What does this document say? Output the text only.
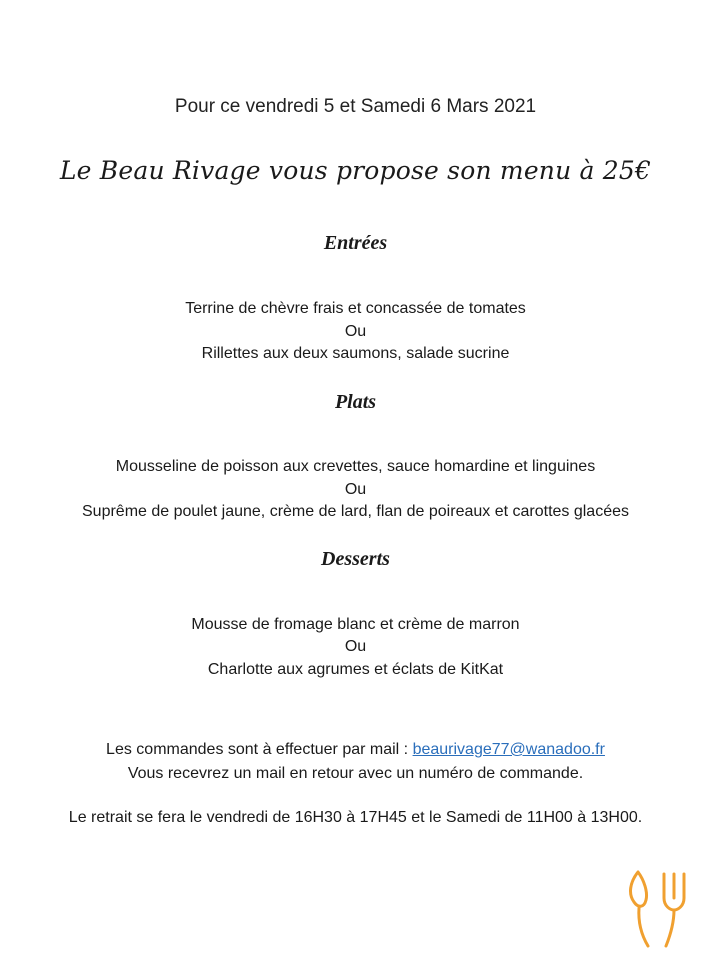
Pour ce vendredi 5 et Samedi 6 Mars 2021
Le Beau Rivage vous propose son menu à 25€
Entrées
Terrine de chèvre frais et concassée de tomates
Ou
Rillettes aux deux saumons, salade sucrine
Plats
Mousseline de poisson aux crevettes, sauce homardine et linguines
Ou
Suprême de poulet jaune, crème de lard, flan de poireaux et carottes glacées
Desserts
Mousse de fromage blanc et crème de marron
Ou
Charlotte aux agrumes et éclats de KitKat
Les commandes sont à effectuer par mail : beaurivage77@wanadoo.fr
Vous recevrez un mail en retour avec un numéro de commande.
Le retrait se fera le vendredi de 16H30 à 17H45 et le Samedi de 11H00 à 13H00.
